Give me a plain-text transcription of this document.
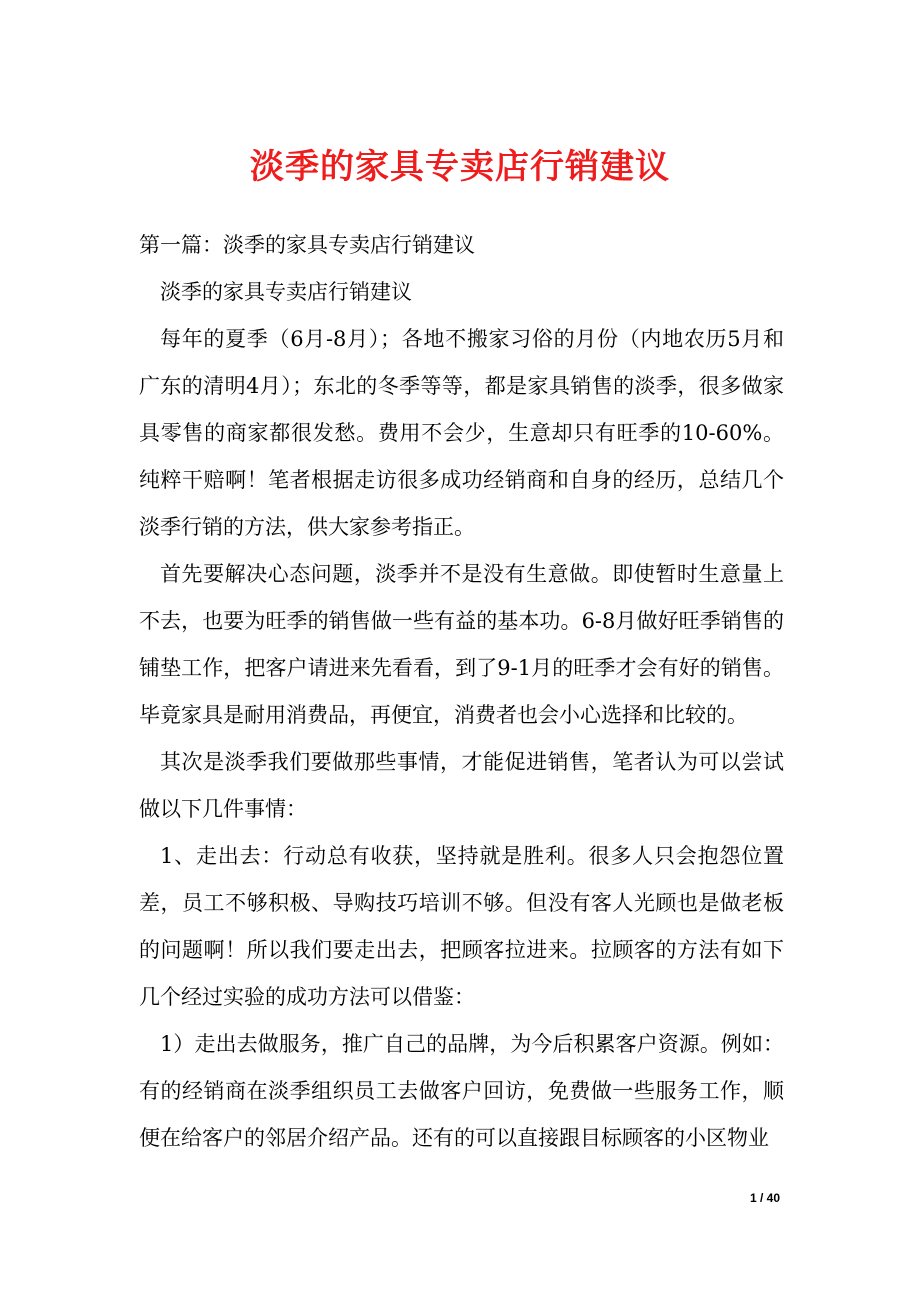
淡季的家具专卖店行销建议

第一篇：淡季的家具专卖店行销建议

淡季的家具专卖店行销建议

每年的夏季（6月-8月）；各地不搬家习俗的月份（内地农历5月和广东的清明4月）；东北的冬季等等，都是家具销售的淡季，很多做家具零售的商家都很发愁。费用不会少，生意却只有旺季的10-60%。纯粹干赔啊！笔者根据走访很多成功经销商和自身的经历，总结几个淡季行销的方法，供大家参考指正。

首先要解决心态问题，淡季并不是没有生意做。即使暂时生意量上不去，也要为旺季的销售做一些有益的基本功。6-8月做好旺季销售的铺垫工作，把客户请进来先看看，到了9-1月的旺季才会有好的销售。毕竟家具是耐用消费品，再便宜，消费者也会小心选择和比较的。

其次是淡季我们要做那些事情，才能促进销售，笔者认为可以尝试做以下几件事情：

1、走出去：行动总有收获，坚持就是胜利。很多人只会抱怨位置差，员工不够积极、导购技巧培训不够。但没有客人光顾也是做老板的问题啊！所以我们要走出去，把顾客拉进来。拉顾客的方法有如下几个经过实验的成功方法可以借鉴：

1）走出去做服务，推广自己的品牌，为今后积累客户资源。例如：有的经销商在淡季组织员工去做客户回访，免费做一些服务工作，顺便在给客户的邻居介绍产品。还有的可以直接跟目标顾客的小区物业

1 / 40
